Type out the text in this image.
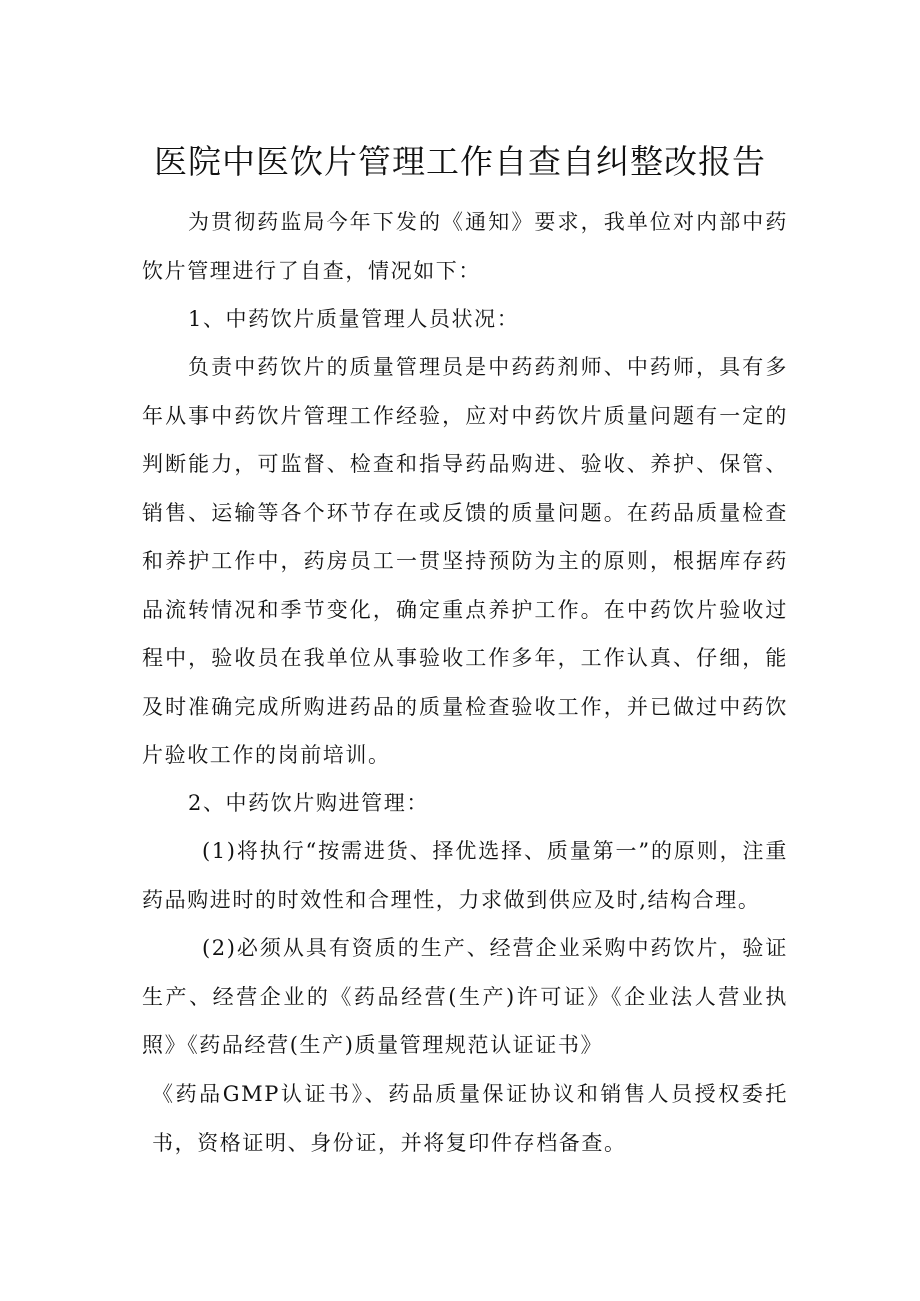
医院中医饮片管理工作自查自纠整改报告

为贯彻药监局今年下发的《通知》要求，我单位对内部中药饮片管理进行了自查，情况如下：

1、中药饮片质量管理人员状况：

负责中药饮片的质量管理员是中药药剂师、中药师，具有多年从事中药饮片管理工作经验，应对中药饮片质量问题有一定的判断能力，可监督、检查和指导药品购进、验收、养护、保管、销售、运输等各个环节存在或反馈的质量问题。在药品质量检查和养护工作中，药房员工一贯坚持预防为主的原则，根据库存药品流转情况和季节变化，确定重点养护工作。在中药饮片验收过程中，验收员在我单位从事验收工作多年，工作认真、仔细，能及时准确完成所购进药品的质量检查验收工作，并已做过中药饮片验收工作的岗前培训。

2、中药饮片购进管理：

(1)将执行“按需进货、择优选择、质量第一”的原则，注重药品购进时的时效性和合理性，力求做到供应及时,结构合理。

(2)必须从具有资质的生产、经营企业采购中药饮片，验证生产、经营企业的《药品经营(生产)许可证》《企业法人营业执照》《药品经营(生产)质量管理规范认证证书》

《药品GMP认证书》、药品质量保证协议和销售人员授权委托书，资格证明、身份证，并将复印件存档备查。
